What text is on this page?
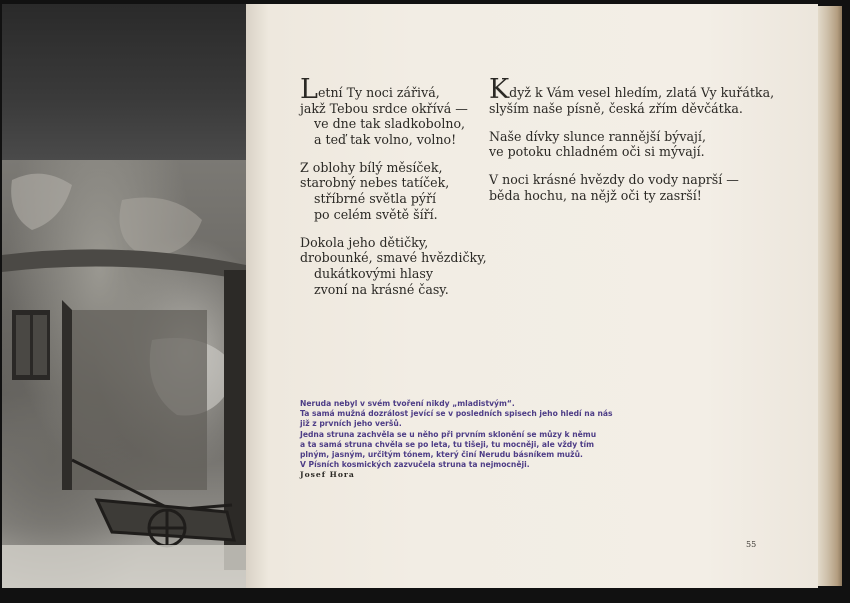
Letní Ty noci zářivá,
jakž Tebou srdce okřívá —
ve dne tak sladkobolno,
a teď tak volno, volno!
Z oblohy bílý měsíček,
starobný nebes tatíček,
stříbrné světla pýří
po celém světě šíří.
Dokola jeho dětičky,
drobounké, smavé hvězdičky,
dukátkovými hlasy
zvoní na krásné časy.
Když k Vám vesel hledím, zlatá Vy kuřátka,
slyším naše písně, česká zřím děvčátka.
Naše dívky slunce rannější bývají,
ve potoku chladném oči si mývají.
V noci krásné hvězdy do vody naprší —
běda hochu, na nějž oči ty zasrší!
Neruda nebyl v svém tvoření nikdy „mladistvým“.
Ta samá mužná dozrálost jevící se v posledních spisech jeho hledí na nás
již z prvních jeho veršů.
Jedna struna zachvěla se u něho při prvním sklonění se můzy k němu
a ta samá struna chvěla se po leta, tu tišeji, tu mocněji, ale vždy tím
plným, jasným, určitým tónem, který činí Nerudu básníkem mužů.
V Písních kosmických zazvučela struna ta nejmocněji.
Josef Hora
55
